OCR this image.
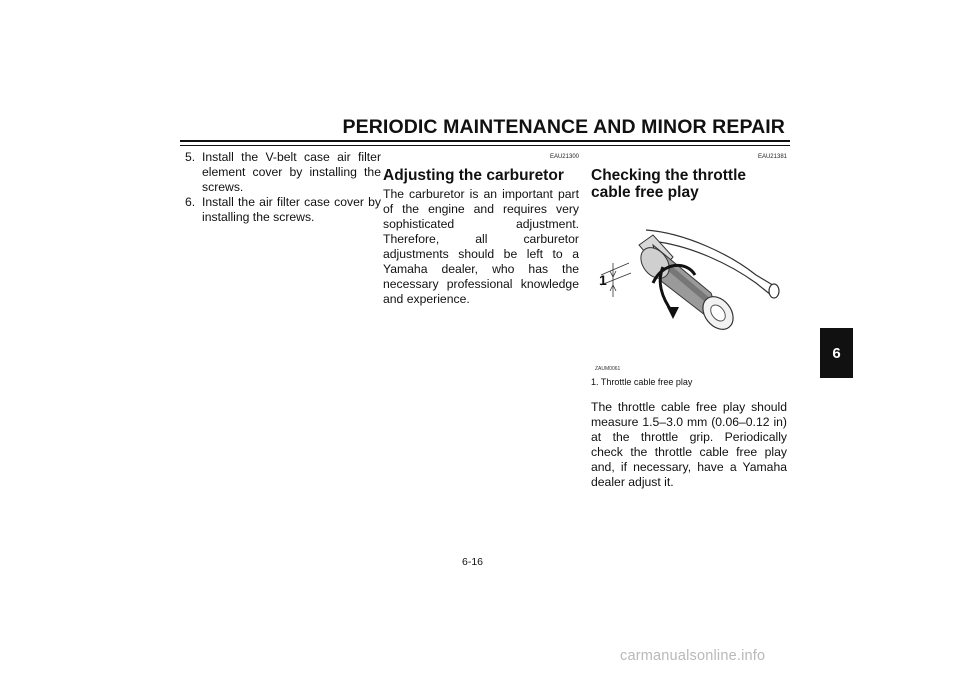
PERIODIC MAINTENANCE AND MINOR REPAIR
5. Install the V-belt case air filter element cover by installing the screws.
6. Install the air filter case cover by installing the screws.
EAU21300
Adjusting the carburetor

The carburetor is an important part of the engine and requires very sophisticated adjustment. Therefore, all carburetor adjustments should be left to a Yamaha dealer, who has the necessary professional knowledge and experience.

EAU21381
Checking the throttle cable free play
1
ZAUM0061
1. Throttle cable free play

The throttle cable free play should measure 1.5–3.0 mm (0.06–0.12 in) at the throttle grip. Periodically check the throttle cable free play and, if necessary, have a Yamaha dealer adjust it.

6
6-16
carmanualsonline.info
